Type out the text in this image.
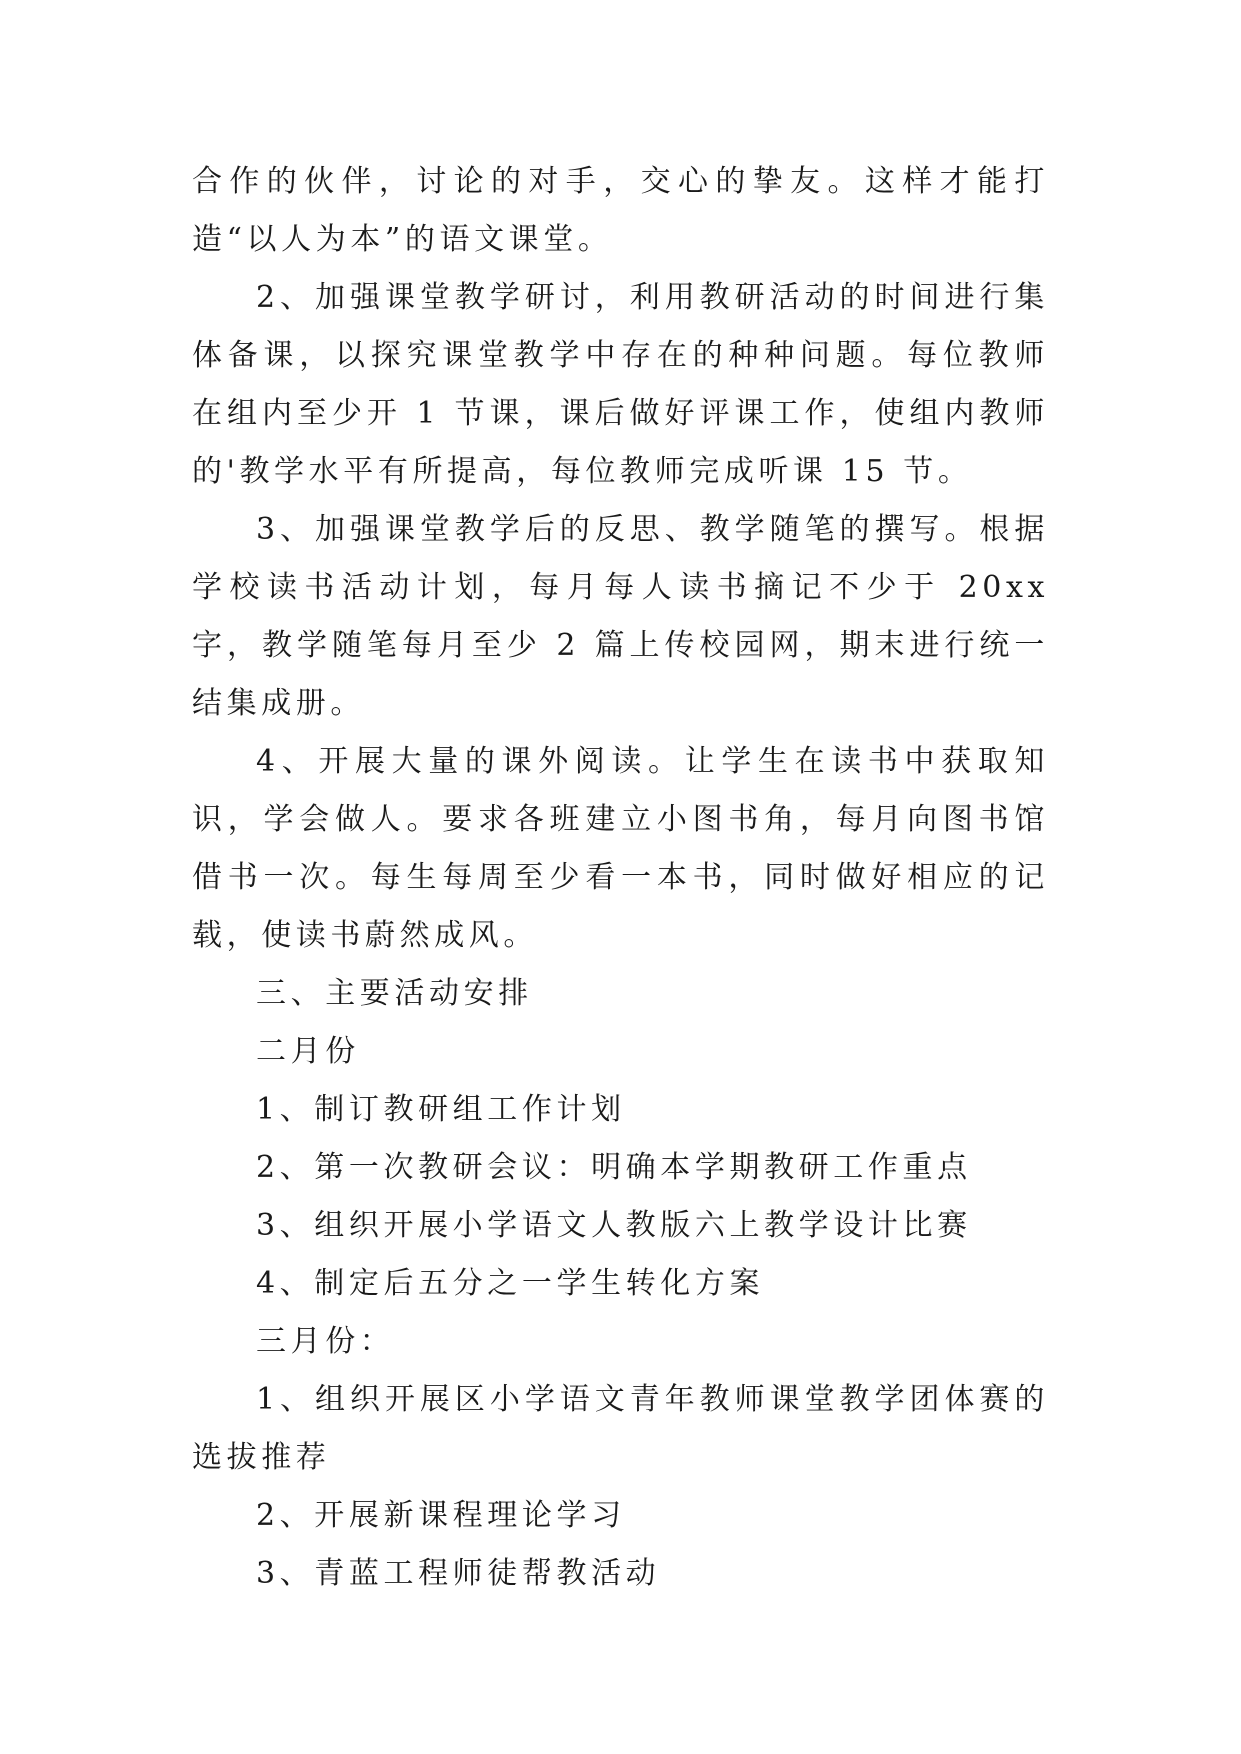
合作的伙伴，讨论的对手，交心的挚友。这样才能打造“以人为本”的语文课堂。

2、加强课堂教学研讨，利用教研活动的时间进行集体备课，以探究课堂教学中存在的种种问题。每位教师在组内至少开 1 节课，课后做好评课工作，使组内教师的'教学水平有所提高，每位教师完成听课 15 节。

3、加强课堂教学后的反思、教学随笔的撰写。根据学校读书活动计划，每月每人读书摘记不少于 20xx 字，教学随笔每月至少 2 篇上传校园网，期末进行统一结集成册。

4、开展大量的课外阅读。让学生在读书中获取知识，学会做人。要求各班建立小图书角，每月向图书馆借书一次。每生每周至少看一本书，同时做好相应的记载，使读书蔚然成风。

三、主要活动安排

二月份

1、制订教研组工作计划

2、第一次教研会议：明确本学期教研工作重点

3、组织开展小学语文人教版六上教学设计比赛

4、制定后五分之一学生转化方案

三月份：

1、组织开展区小学语文青年教师课堂教学团体赛的选拔推荐

2、开展新课程理论学习

3、青蓝工程师徒帮教活动
